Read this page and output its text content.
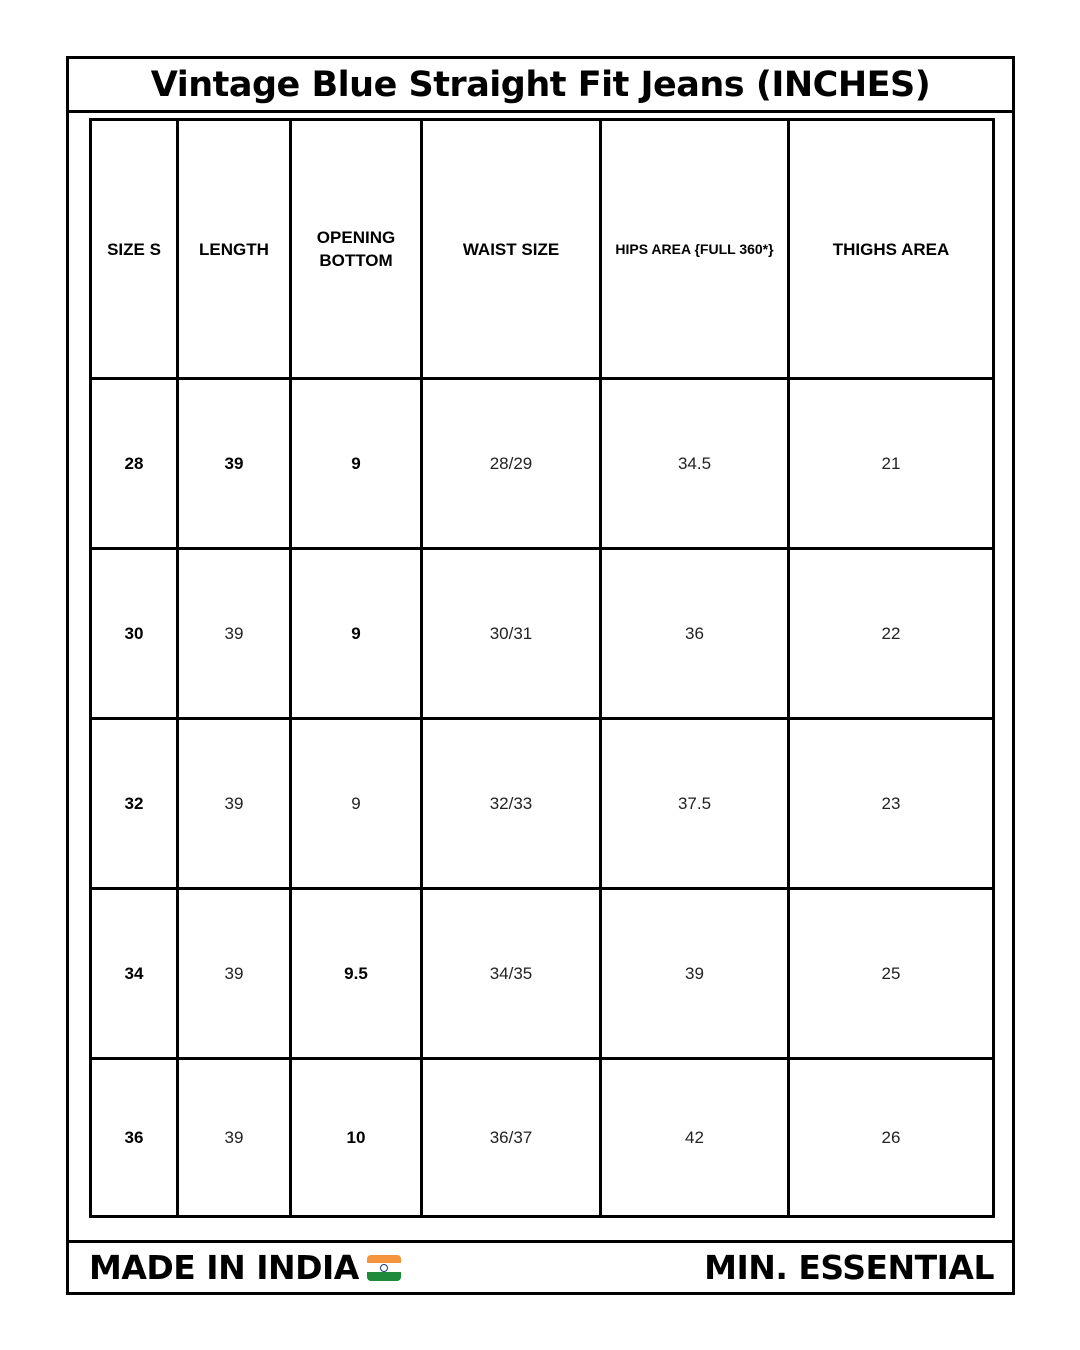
Vintage Blue Straight Fit Jeans (INCHES)
SIZE S	LENGTH	OPENING BOTTOM	WAIST SIZE	HIPS AREA {FULL 360*}	THIGHS AREA
28	39	9	28/29	34.5	21
30	39	9	30/31	36	22
32	39	9	32/33	37.5	23
34	39	9.5	34/35	39	25
36	39	10	36/37	42	26
MADE IN INDIA	MIN. ESSENTIAL
